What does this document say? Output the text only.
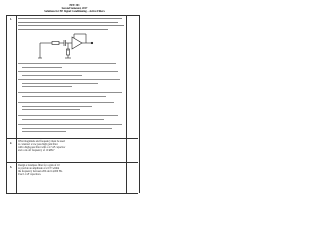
EEE 301
Second Semester, 2017
Solutions for EE Signal Conditioning – Active Filters
1.
2.	What magnitude and frequency must be used
to construct a low pass high gain filter
with a high-pass filter with a 4.7 uF capacitor
and a cut-off frequency of 10 kHz?
3.	Design a bandpass filter for a gain of 10
to provide an amplitude of 2.0 V within
the frequency between 200 and 14,000 Hz.
Use 0.1 uF capacitors.
